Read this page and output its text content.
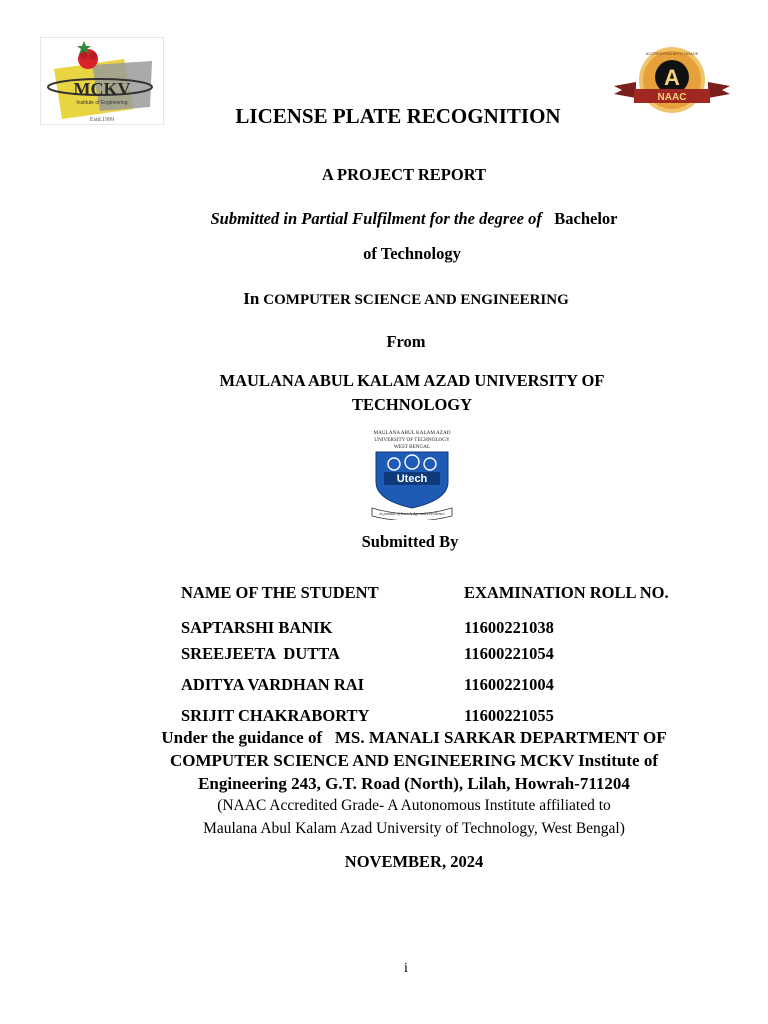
MCKV
Institute of Engineering
Estd.1999
A
NAAC
ACCREDITED WITH GRADE
LICENSE PLATE RECOGNITION
A PROJECT REPORT
Submitted in Partial Fulfilment for the degree of Bachelor
of Technology
In COMPUTER SCIENCE AND ENGINEERING
From
MAULANA ABUL KALAM AZAD UNIVERSITY OF
TECHNOLOGY
MAULANA ABUL KALAM AZAD
UNIVERSITY OF TECHNOLOGY
WEST BENGAL
Utech
in pursuit of knowledge and excellence
Submitted By
NAME OF THE STUDENT	EXAMINATION ROLL NO.
SAPTARSHI BANIK	11600221038
SREEJEETA  DUTTA	11600221054
ADITYA VARDHAN RAI	11600221004
SRIJIT CHAKRABORTY	11600221055
Under the guidance of   MS. MANALI SARKAR DEPARTMENT OF
COMPUTER SCIENCE AND ENGINEERING MCKV Institute of
Engineering 243, G.T. Road (North), Lilah, Howrah-711204
(NAAC Accredited Grade- A Autonomous Institute affiliated to
Maulana Abul Kalam Azad University of Technology, West Bengal)
NOVEMBER, 2024
i
